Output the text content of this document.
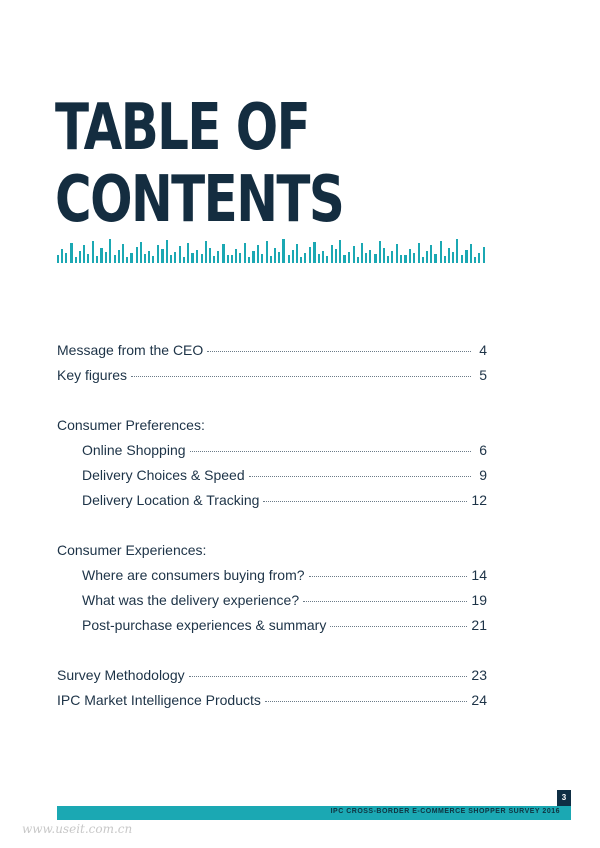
TABLE OF
CONTENTS
Message from the CEO	4
Key figures	5
Consumer Preferences:
Online Shopping	6
Delivery Choices & Speed	9
Delivery Location & Tracking	12
Consumer Experiences:
Where are consumers buying from?	14
What was the delivery experience?	19
Post-purchase experiences & summary	21
Survey Methodology	23
IPC Market Intelligence Products	24
3
IPC CROSS-BORDER E-COMMERCE SHOPPER SURVEY 2016
www.useit.com.cn
